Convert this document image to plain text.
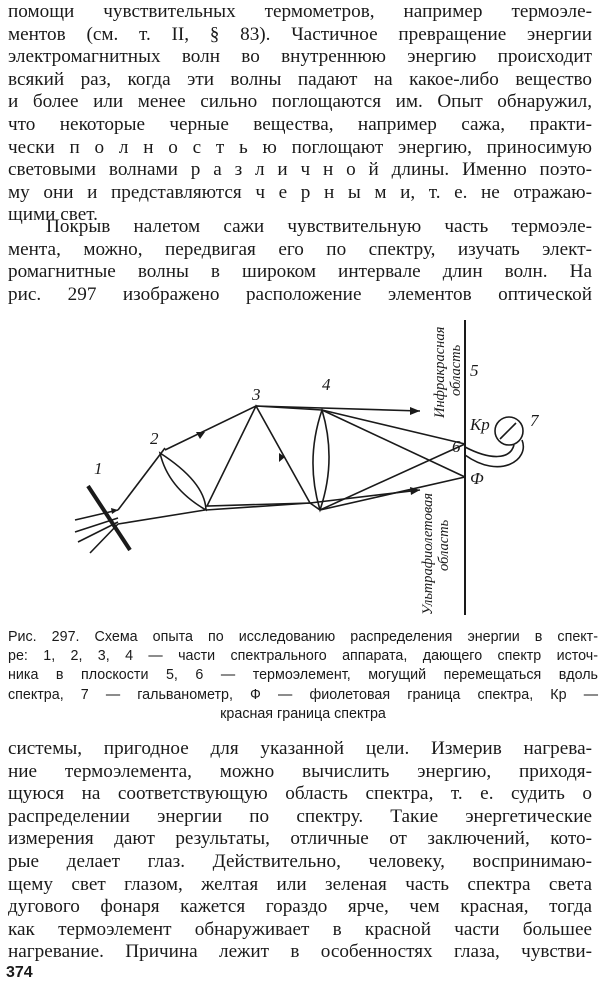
помощи чувствительных термометров, например термоэле-
ментов (см. т. II, § 83). Частичное превращение энергии
электромагнитных волн во внутреннюю энергию происходит
всякий раз, когда эти волны падают на какое-либо вещество
и более или менее сильно поглощаются им. Опыт обнаружил,
что некоторые черные вещества, например сажа, практи-
чески п о л н о с т ь ю поглощают энергию, приносимую
световыми волнами р а з л и ч н о й длины. Именно поэто-
му они и представляются ч е р н ы м и, т. е. не отражаю-
щими свет.
Покрыв налетом сажи чувствительную часть термоэле-
мента, можно, передвигая его по спектру, изучать элект-
ромагнитные волны в широком интервале длин волн. На
рис. 297 изображено расположение элементов оптической
1
2
3
4
5
Кр
6
Ф
7
Инфракрасная область
Ультрафиолетовая область
Рис. 297. Схема опыта по исследованию распределения энергии в спект-
ре: 1, 2, 3, 4 — части спектрального аппарата, дающего спектр источ-
ника в плоскости 5, 6 — термоэлемент, могущий перемещаться вдоль
спектра, 7 — гальванометр, Ф — фиолетовая граница спектра, Кр —
красная граница спектра
системы, пригодное для указанной цели. Измерив нагрева-
ние термоэлемента, можно вычислить энергию, приходя-
щуюся на соответствующую область спектра, т. е. судить о
распределении энергии по спектру. Такие энергетические
измерения дают результаты, отличные от заключений, кото-
рые делает глаз. Действительно, человеку, воспринимаю-
щему свет глазом, желтая или зеленая часть спектра света
дугового фонаря кажется гораздо ярче, чем красная, тогда
как термоэлемент обнаруживает в красной части большее
нагревание. Причина лежит в особенностях глаза, чувстви-
374
